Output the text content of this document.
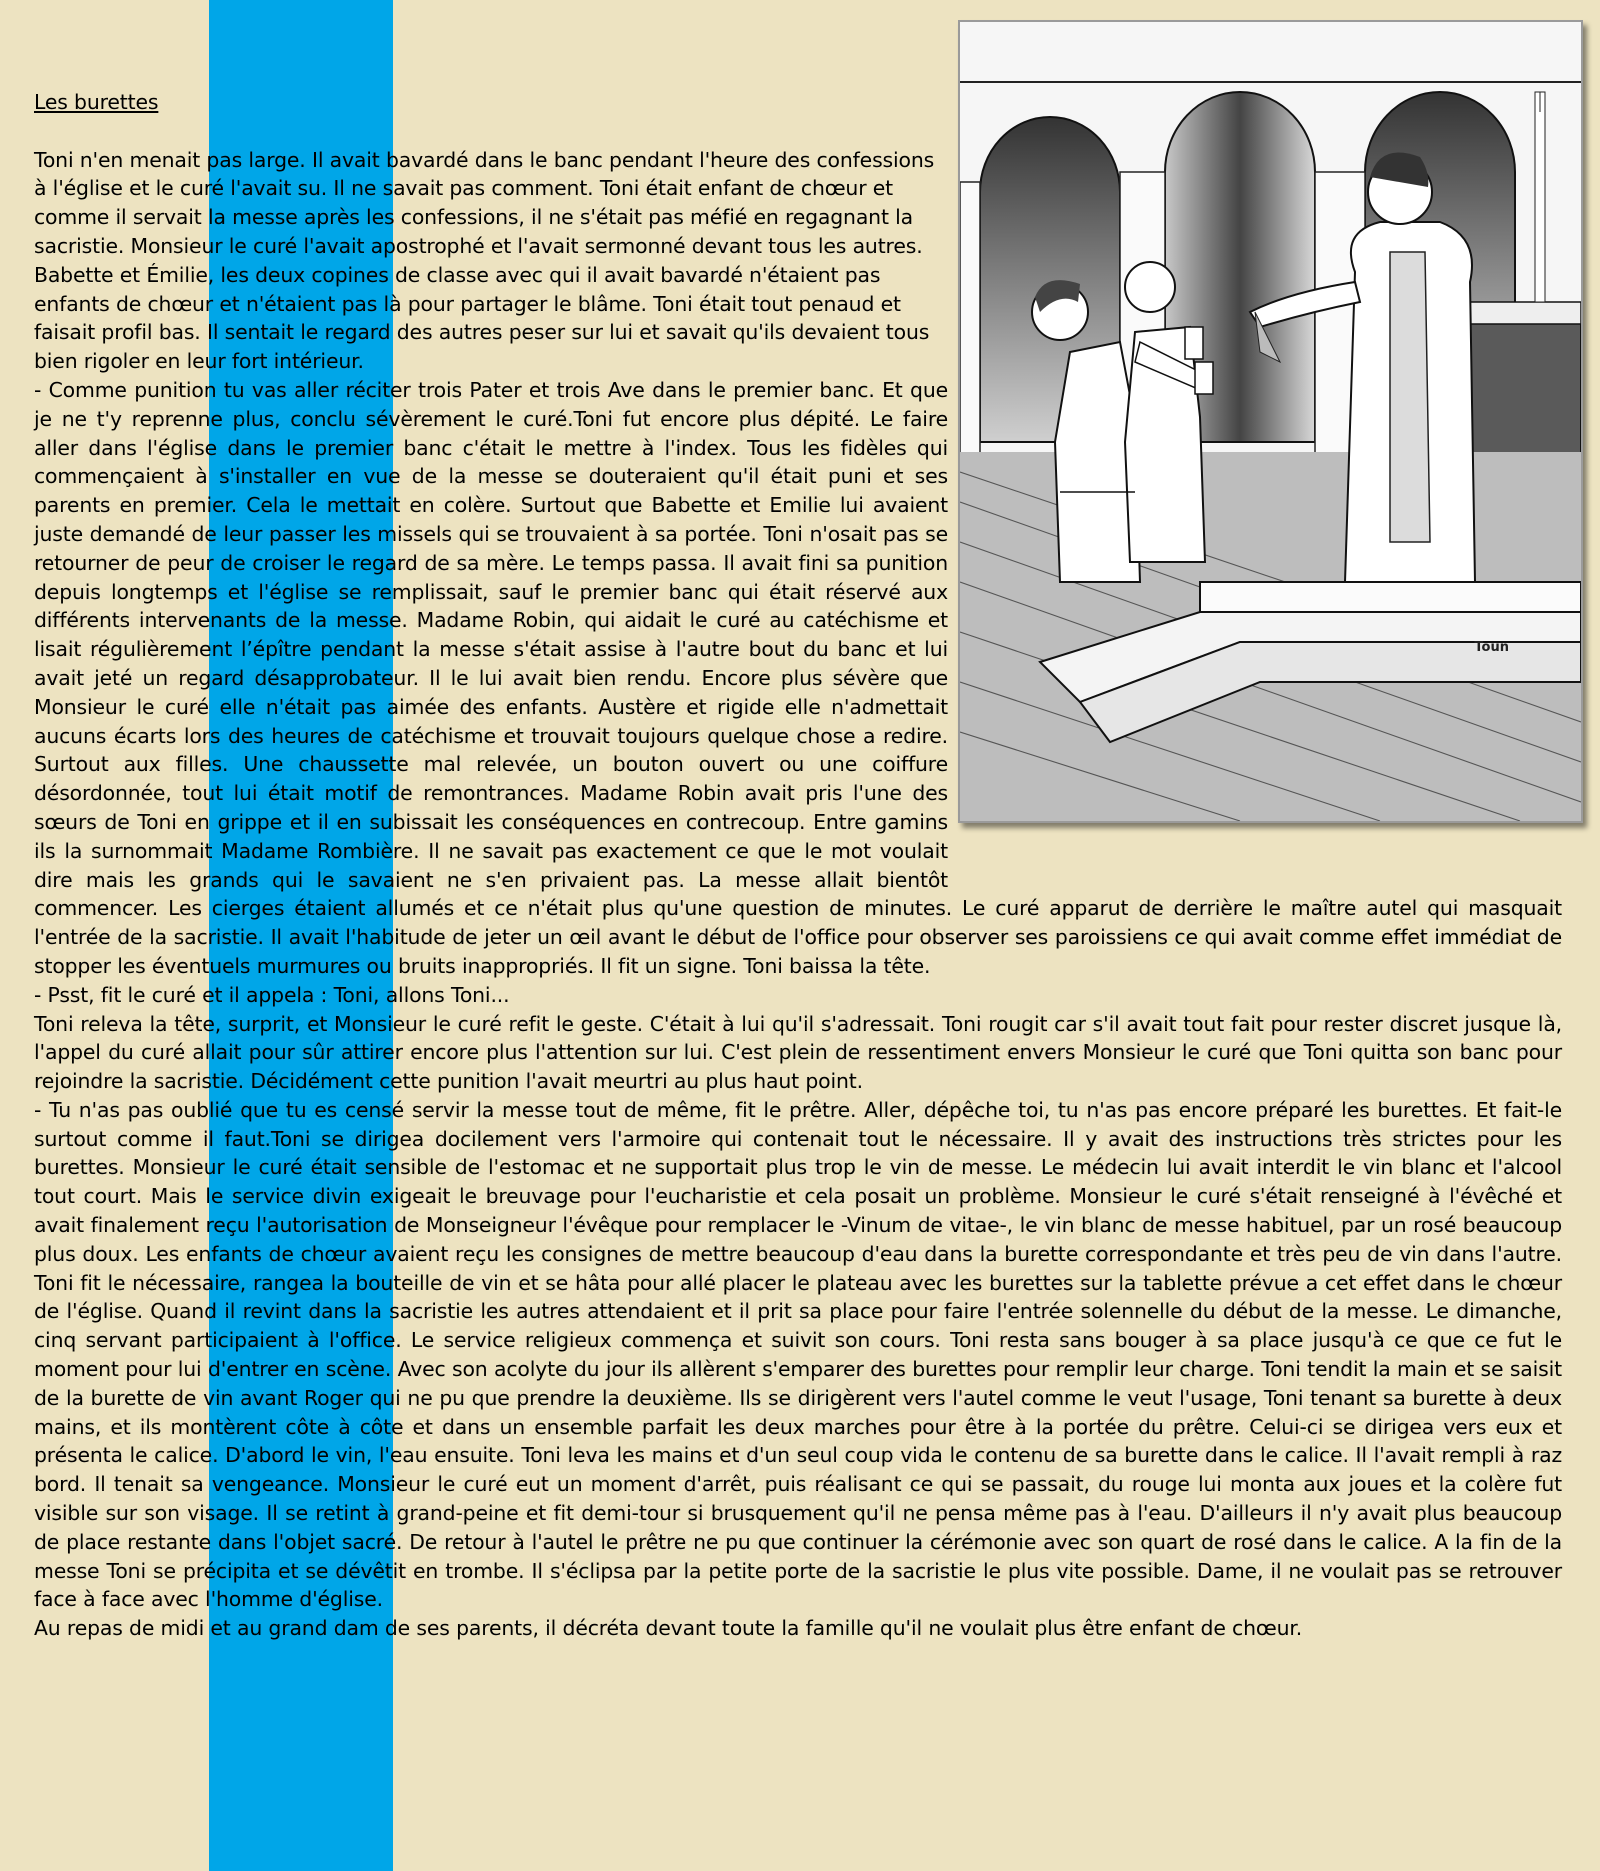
Toun

Les burettes

Toni n'en menait pas large. Il avait bavardé dans le banc pendant l'heure des confessions à l'église et le curé l'avait su. Il ne savait pas comment. Toni était enfant de chœur et comme il servait la messe après les confessions, il ne s'était pas méfié en regagnant la sacristie. Monsieur le curé l'avait apostrophé et l'avait sermonné devant tous les autres. Babette et Émilie, les deux copines de classe avec qui il avait bavardé n'étaient pas enfants de chœur et n'étaient pas là pour partager le blâme. Toni était tout penaud et faisait profil bas. Il sentait le regard des autres peser sur lui et savait qu'ils devaient tous bien rigoler en leur fort intérieur.

- Comme punition tu vas aller réciter trois Pater et trois Ave dans le premier banc. Et que je ne t'y reprenne plus, conclu sévèrement le curé.Toni fut encore plus dépité. Le faire aller dans l'église dans le premier banc c'était le mettre à l'index. Tous les fidèles qui commençaient à s'installer en vue de la messe se douteraient qu'il était puni et ses parents en premier. Cela le mettait en colère. Surtout que Babette et Emilie lui avaient juste demandé de leur passer les missels qui se trouvaient à sa portée. Toni n'osait pas se retourner de peur de croiser le regard de sa mère. Le temps passa. Il avait fini sa punition depuis longtemps et l'église se remplissait, sauf le premier banc qui était réservé aux différents intervenants de la messe. Madame Robin, qui aidait le curé au catéchisme et lisait régulièrement l’épître pendant la messe s'était assise à l'autre bout du banc et lui avait jeté un regard désapprobateur. Il le lui avait bien rendu. Encore plus sévère que Monsieur le curé elle n'était pas aimée des enfants. Austère et rigide elle n'admettait aucuns écarts lors des heures de catéchisme et trouvait toujours quelque chose a redire. Surtout aux filles. Une chaussette mal relevée, un bouton ouvert ou une coiffure désordonnée, tout lui était motif de remontrances. Madame Robin avait pris l'une des sœurs de Toni en grippe et il en subissait les conséquences en contrecoup. Entre gamins ils la surnommait Madame Rombière. Il ne savait pas exactement ce que le mot voulait dire mais les grands qui le savaient ne s'en privaient pas. La messe allait bientôt commencer. Les cierges étaient allumés et ce n'était plus qu'une question de minutes. Le curé apparut de derrière le maître autel qui masquait l'entrée de la sacristie. Il avait l'habitude de jeter un œil avant le début de l'office pour observer ses paroissiens ce qui avait comme effet immédiat de stopper les éventuels murmures ou bruits inappropriés. Il fit un signe. Toni baissa la tête.

- Psst, fit le curé et il appela : Toni, allons Toni...

Toni releva la tête, surprit, et Monsieur le curé refit le geste. C'était à lui qu'il s'adressait. Toni rougit car s'il avait tout fait pour rester discret jusque là, l'appel du curé allait pour sûr attirer encore plus l'attention sur lui. C'est plein de ressentiment envers Monsieur le curé que Toni quitta son banc pour rejoindre la sacristie. Décidément cette punition l'avait meurtri au plus haut point.

- Tu n'as pas oublié que tu es censé servir la messe tout de même, fit le prêtre. Aller, dépêche toi, tu n'as pas encore préparé les burettes. Et fait-le surtout comme il faut.Toni se dirigea docilement vers l'armoire qui contenait tout le nécessaire. Il y avait des instructions très strictes pour les burettes. Monsieur le curé était sensible de l'estomac et ne supportait plus trop le vin de messe. Le médecin lui avait interdit le vin blanc et l'alcool tout court. Mais le service divin exigeait le breuvage pour l'eucharistie et cela posait un problème. Monsieur le curé s'était renseigné à l'évêché et avait finalement reçu l'autorisation de Monseigneur l'évêque pour remplacer le -Vinum de vitae-, le vin blanc de messe habituel, par un rosé beaucoup plus doux. Les enfants de chœur avaient reçu les consignes de mettre beaucoup d'eau dans la burette correspondante et très peu de vin dans l'autre. Toni fit le nécessaire, rangea la bouteille de vin et se hâta pour allé placer le plateau avec les burettes sur la tablette prévue a cet effet dans le chœur de l'église. Quand il revint dans la sacristie les autres attendaient et il prit sa place pour faire l'entrée solennelle du début de la messe. Le dimanche, cinq servant participaient à l'office. Le service religieux commença et suivit son cours. Toni resta sans bouger à sa place jusqu'à ce que ce fut le moment pour lui d'entrer en scène. Avec son acolyte du jour ils allèrent s'emparer des burettes pour remplir leur charge. Toni tendit la main et se saisit de la burette de vin avant Roger qui ne pu que prendre la deuxième. Ils se dirigèrent vers l'autel comme le veut l'usage, Toni tenant sa burette à deux mains, et ils montèrent côte à côte et dans un ensemble parfait les deux marches pour être à la portée du prêtre. Celui-ci se dirigea vers eux et présenta le calice. D'abord le vin, l'eau ensuite. Toni leva les mains et d'un seul coup vida le contenu de sa burette dans le calice. Il l'avait rempli à raz bord. Il tenait sa vengeance. Monsieur le curé eut un moment d'arrêt, puis réalisant ce qui se passait, du rouge lui monta aux joues et la colère fut visible sur son visage. Il se retint à grand-peine et fit demi-tour si brusquement qu'il ne pensa même pas à l'eau. D'ailleurs il n'y avait plus beaucoup de place restante dans l'objet sacré. De retour à l'autel le prêtre ne pu que continuer la cérémonie avec son quart de rosé dans le calice. A la fin de la messe Toni se précipita et se dévêtit en trombe. Il s'éclipsa par la petite porte de la sacristie le plus vite possible. Dame, il ne voulait pas se retrouver face à face avec l'homme d'église.

Au repas de midi et au grand dam de ses parents, il décréta devant toute la famille qu'il ne voulait plus être enfant de chœur.
